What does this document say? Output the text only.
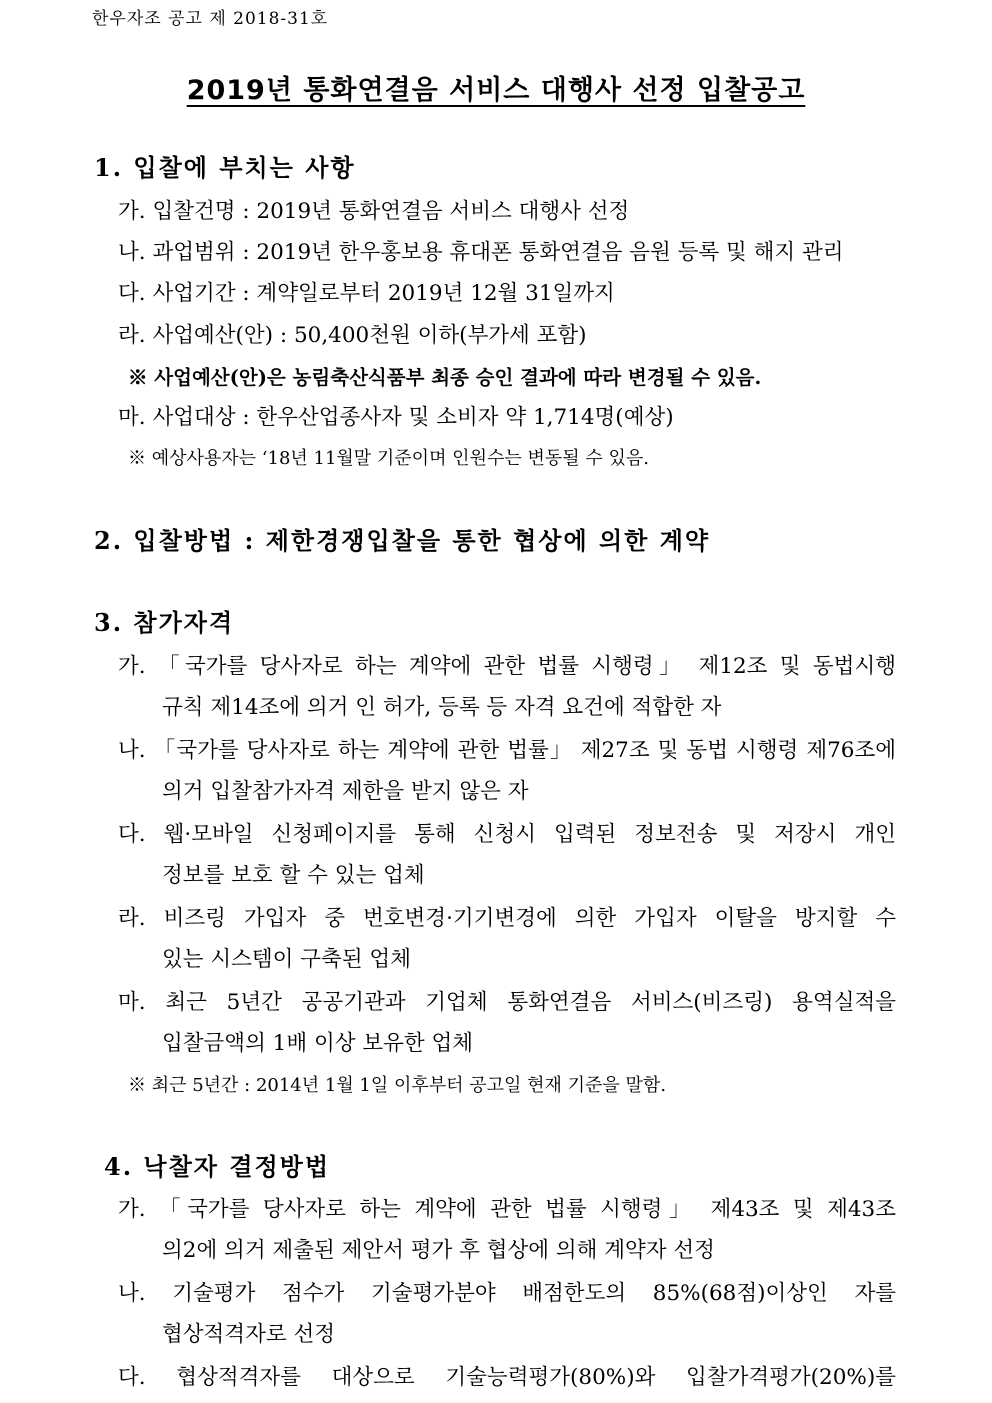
한우자조 공고 제 2018-31호
2019년 통화연결음 서비스 대행사 선정 입찰공고
1. 입찰에 부치는 사항
가. 입찰건명 : 2019년 통화연결음 서비스 대행사 선정
나. 과업범위 : 2019년 한우홍보용 휴대폰 통화연결음 음원 등록 및 해지 관리
다. 사업기간 : 계약일로부터 2019년 12월 31일까지
라. 사업예산(안) : 50,400천원 이하(부가세 포함)
※ 사업예산(안)은 농림축산식품부 최종 승인 결과에 따라 변경될 수 있음.
마. 사업대상 : 한우산업종사자 및 소비자 약 1,714명(예상)
※ 예상사용자는 ‘18년 11월말 기준이며 인원수는 변동될 수 있음.
2. 입찰방법 : 제한경쟁입찰을 통한 협상에 의한 계약
3. 참가자격
가. 「국가를 당사자로 하는 계약에 관한 법률 시행령」 제12조 및 동법시행
규칙 제14조에 의거 인 허가, 등록 등 자격 요건에 적합한 자
나. 「국가를 당사자로 하는 계약에 관한 법률」 제27조 및 동법 시행령 제76조에
의거 입찰참가자격 제한을 받지 않은 자
다. 웹·모바일 신청페이지를 통해 신청시 입력된 정보전송 및 저장시 개인
정보를 보호 할 수 있는 업체
라. 비즈링 가입자 중 번호변경·기기변경에 의한 가입자 이탈을 방지할 수
있는 시스템이 구축된 업체
마. 최근 5년간 공공기관과 기업체 통화연결음 서비스(비즈링) 용역실적을
입찰금액의 1배 이상 보유한 업체
※ 최근 5년간 : 2014년 1월 1일 이후부터 공고일 현재 기준을 말함.
4. 낙찰자 결정방법
가. 「국가를 당사자로 하는 계약에 관한 법률 시행령」 제43조 및 제43조
의2에 의거 제출된 제안서 평가 후 협상에 의해 계약자 선정
나. 기술평가 점수가 기술평가분야 배점한도의 85%(68점)이상인 자를
협상적격자로 선정
다. 협상적격자를 대상으로 기술능력평가(80%)와 입찰가격평가(20%)를
